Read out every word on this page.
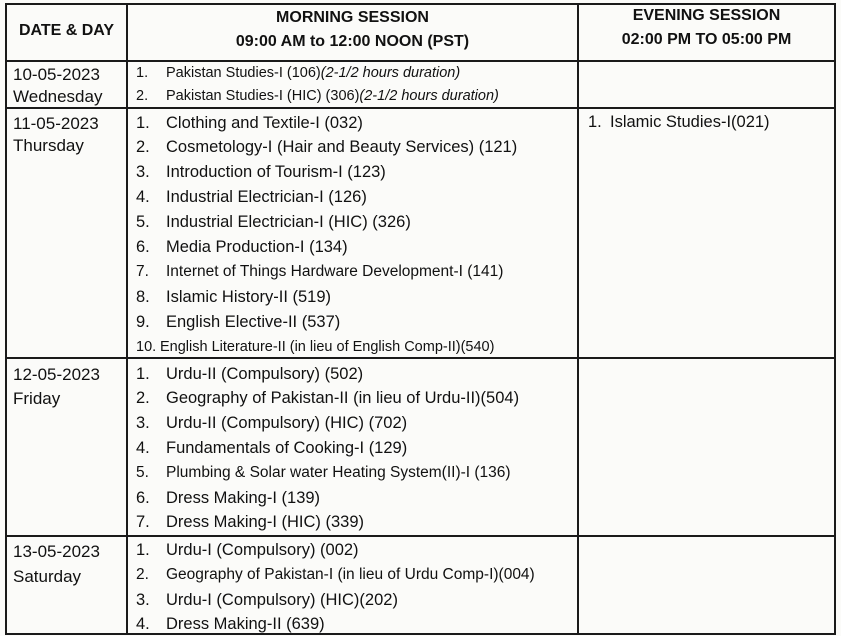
DATE & DAY
MORNING SESSION
09:00 AM to 12:00 NOON (PST)
EVENING SESSION
02:00 PM TO 05:00 PM
10-05-2023
Wednesday
1. Pakistan Studies-I (106)(2-1/2 hours duration)
2. Pakistan Studies-I (HIC) (306)(2-1/2 hours duration)
11-05-2023
Thursday
1. Clothing and Textile-I (032)
2. Cosmetology-I (Hair and Beauty Services) (121)
3. Introduction of Tourism-I (123)
4. Industrial Electrician-I (126)
5. Industrial Electrician-I (HIC) (326)
6. Media Production-I (134)
7. Internet of Things Hardware Development-I (141)
8. Islamic History-II (519)
9. English Elective-II (537)
10. English Literature-II (in lieu of English Comp-II)(540)
1. Islamic Studies-I(021)
12-05-2023
Friday
1. Urdu-II (Compulsory) (502)
2. Geography of Pakistan-II (in lieu of Urdu-II)(504)
3. Urdu-II (Compulsory) (HIC) (702)
4. Fundamentals of Cooking-I (129)
5. Plumbing & Solar water Heating System(II)-I (136)
6. Dress Making-I (139)
7. Dress Making-I (HIC) (339)
13-05-2023
Saturday
1. Urdu-I (Compulsory) (002)
2. Geography of Pakistan-I (in lieu of Urdu Comp-I)(004)
3. Urdu-I (Compulsory) (HIC)(202)
4. Dress Making-II (639)
